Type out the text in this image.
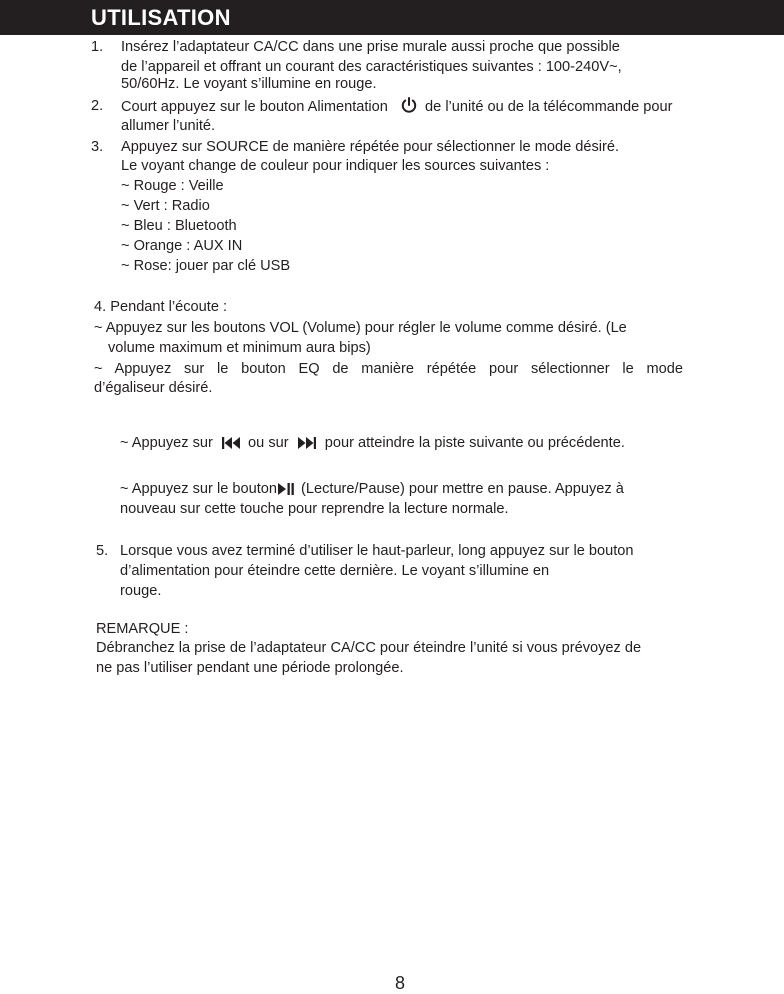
UTILISATION
1. Insérez l’adaptateur CA/CC dans une prise murale aussi proche que possible
de l’appareil et offrant un courant des caractéristiques suivantes : 100-240V~,
50/60Hz. Le voyant s’illumine en rouge.
2. Court appuyez sur le bouton Alimentation	de l’unité ou de la télécommande pour
allumer l’unité.
3. Appuyez sur SOURCE de manière répétée pour sélectionner le mode désiré.
Le voyant change de couleur pour indiquer les sources suivantes :
~ Rouge : Veille
~ Vert : Radio
~ Bleu : Bluetooth
~ Orange : AUX IN
~ Rose: jouer par clé USB
4. Pendant l’écoute :
~ Appuyez sur les boutons VOL (Volume) pour régler le volume comme désiré. (Le
volume maximum et minimum aura bips)
~ Appuyez sur le bouton EQ de manière répétée pour sélectionner le mode
d’égaliseur désiré.
~ Appuyez sur ou sur pour atteindre la piste suivante ou précédente.
~ Appuyez sur le bouton (Lecture/Pause) pour mettre en pause. Appuyez à
nouveau sur cette touche pour reprendre la lecture normale.
5. Lorsque vous avez terminé d’utiliser le haut-parleur, long appuyez sur le bouton
d’alimentation pour éteindre cette dernière. Le voyant s’illumine en
rouge.
REMARQUE :
Débranchez la prise de l’adaptateur CA/CC pour éteindre l’unité si vous prévoyez de
ne pas l’utiliser pendant une période prolongée.
8
